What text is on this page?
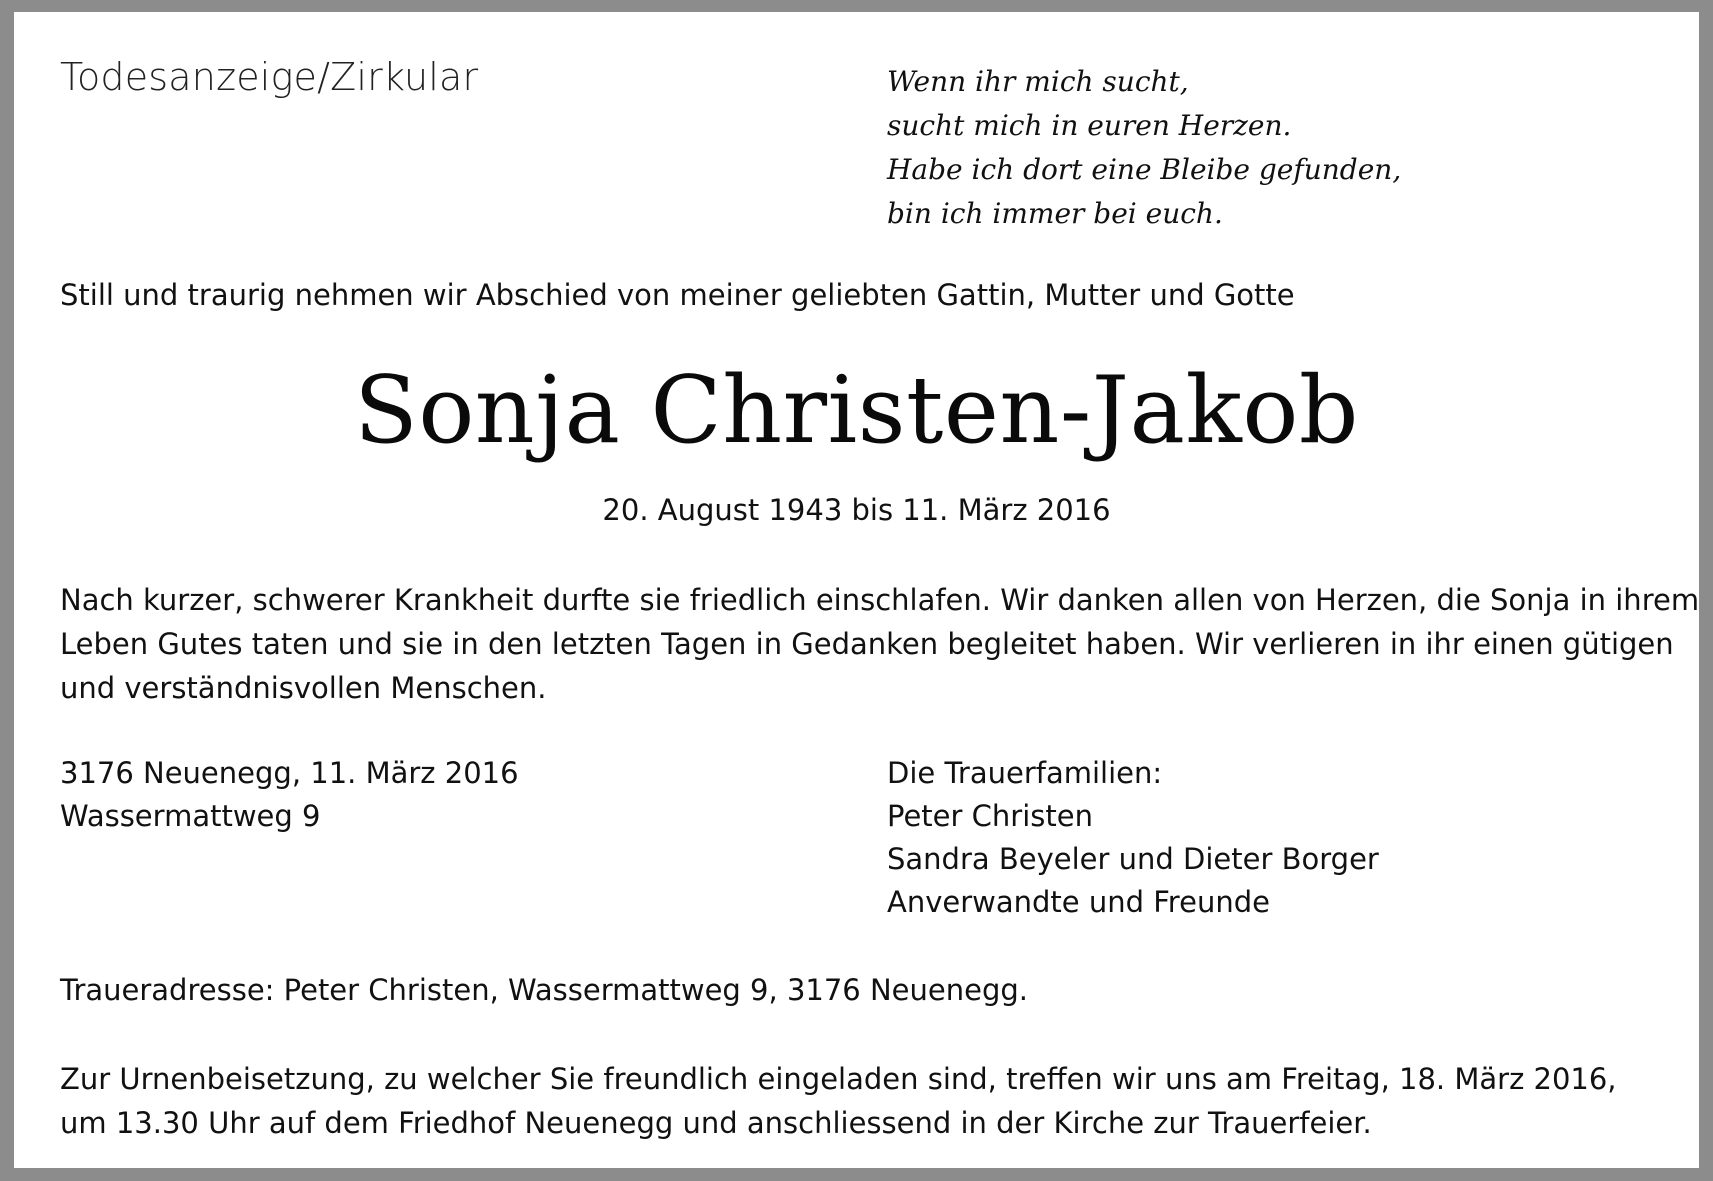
Todesanzeige/Zirkular	Wenn ihr mich sucht,
sucht mich in euren Herzen.
Habe ich dort eine Bleibe gefunden,
bin ich immer bei euch.
Still und traurig nehmen wir Abschied von meiner geliebten Gattin, Mutter und Gotte
Sonja Christen-Jakob
20. August 1943 bis 11. März 2016
Nach kurzer, schwerer Krankheit durfte sie friedlich einschlafen. Wir danken allen von Herzen, die Sonja in ihrem
Leben Gutes taten und sie in den letzten Tagen in Gedanken begleitet haben. Wir verlieren in ihr einen gütigen
und verständnisvollen Menschen.
3176 Neuenegg, 11. März 2016
Wassermattweg 9
Die Trauerfamilien:
Peter Christen
Sandra Beyeler und Dieter Borger
Anverwandte und Freunde
Traueradresse: Peter Christen, Wassermattweg 9, 3176 Neuenegg.
Zur Urnenbeisetzung, zu welcher Sie freundlich eingeladen sind, treffen wir uns am Freitag, 18. März 2016,
um 13.30 Uhr auf dem Friedhof Neuenegg und anschliessend in der Kirche zur Trauerfeier.
